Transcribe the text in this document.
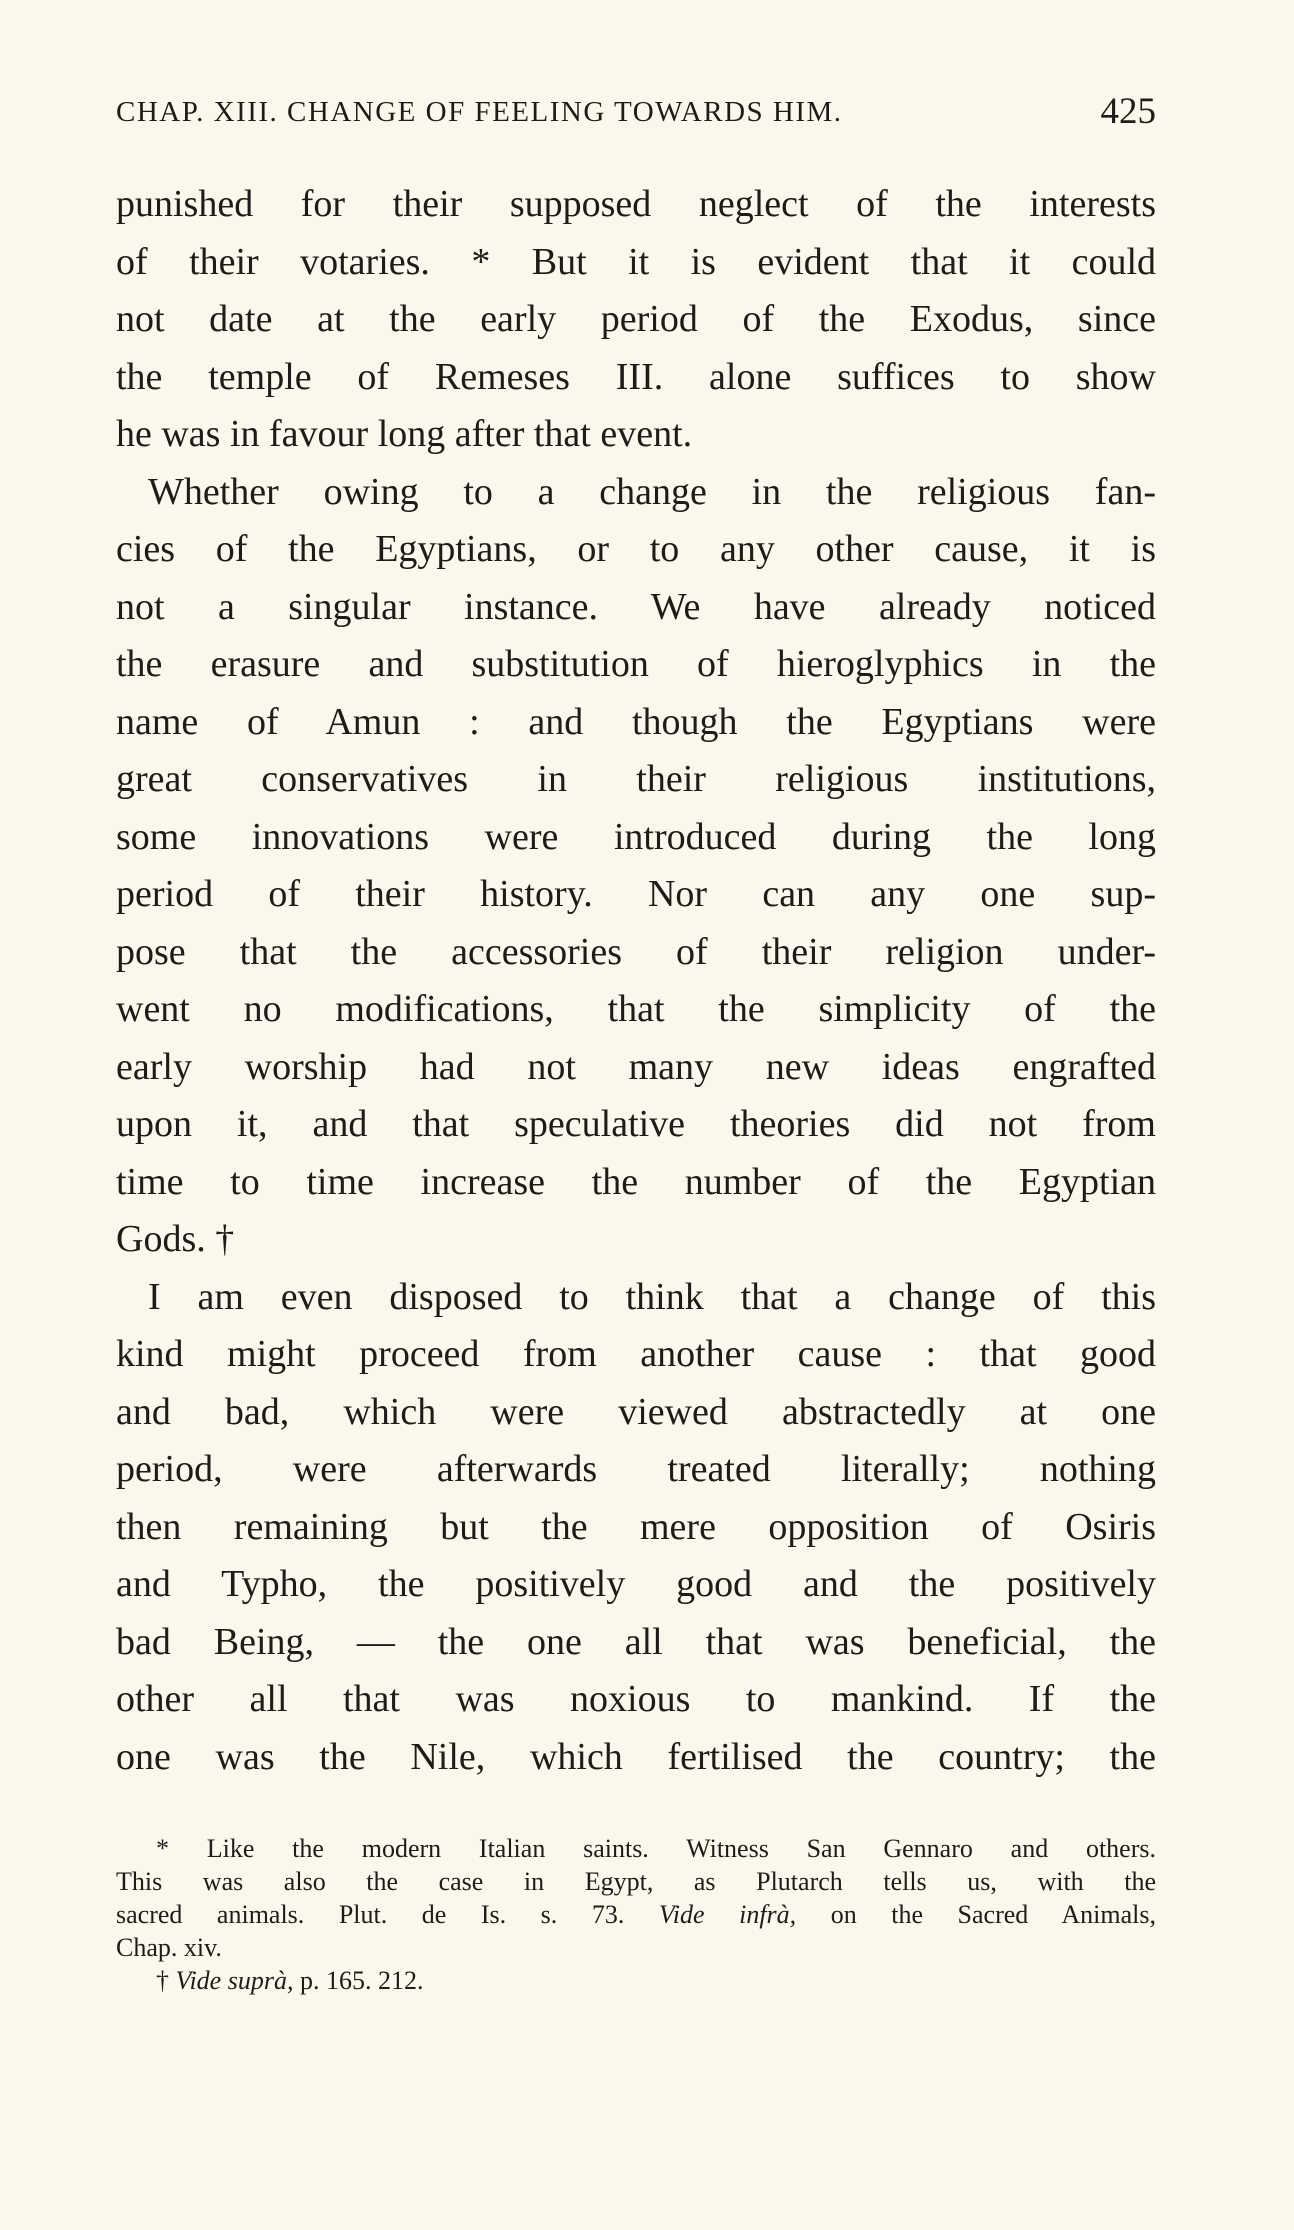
CHAP. XIII. CHANGE OF FEELING TOWARDS HIM.	425
punished for their supposed neglect of the interests
of their votaries. * But it is evident that it could
not date at the early period of the Exodus, since
the temple of Remeses III. alone suffices to show
he was in favour long after that event.
Whether owing to a change in the religious fan-
cies of the Egyptians, or to any other cause, it is
not a singular instance. We have already noticed
the erasure and substitution of hieroglyphics in the
name of Amun : and though the Egyptians were
great conservatives in their religious institutions,
some innovations were introduced during the long
period of their history. Nor can any one sup-
pose that the accessories of their religion under-
went no modifications, that the simplicity of the
early worship had not many new ideas engrafted
upon it, and that speculative theories did not from
time to time increase the number of the Egyptian
Gods. †
I am even disposed to think that a change of this
kind might proceed from another cause : that good
and bad, which were viewed abstractedly at one
period, were afterwards treated literally; nothing
then remaining but the mere opposition of Osiris
and Typho, the positively good and the positively
bad Being, — the one all that was beneficial, the
other all that was noxious to mankind. If the
one was the Nile, which fertilised the country; the
* Like the modern Italian saints. Witness San Gennaro and others.
This was also the case in Egypt, as Plutarch tells us, with the
sacred animals. Plut. de Is. s. 73. Vide infrà, on the Sacred Animals,
Chap. xiv.
† Vide suprà, p. 165. 212.
